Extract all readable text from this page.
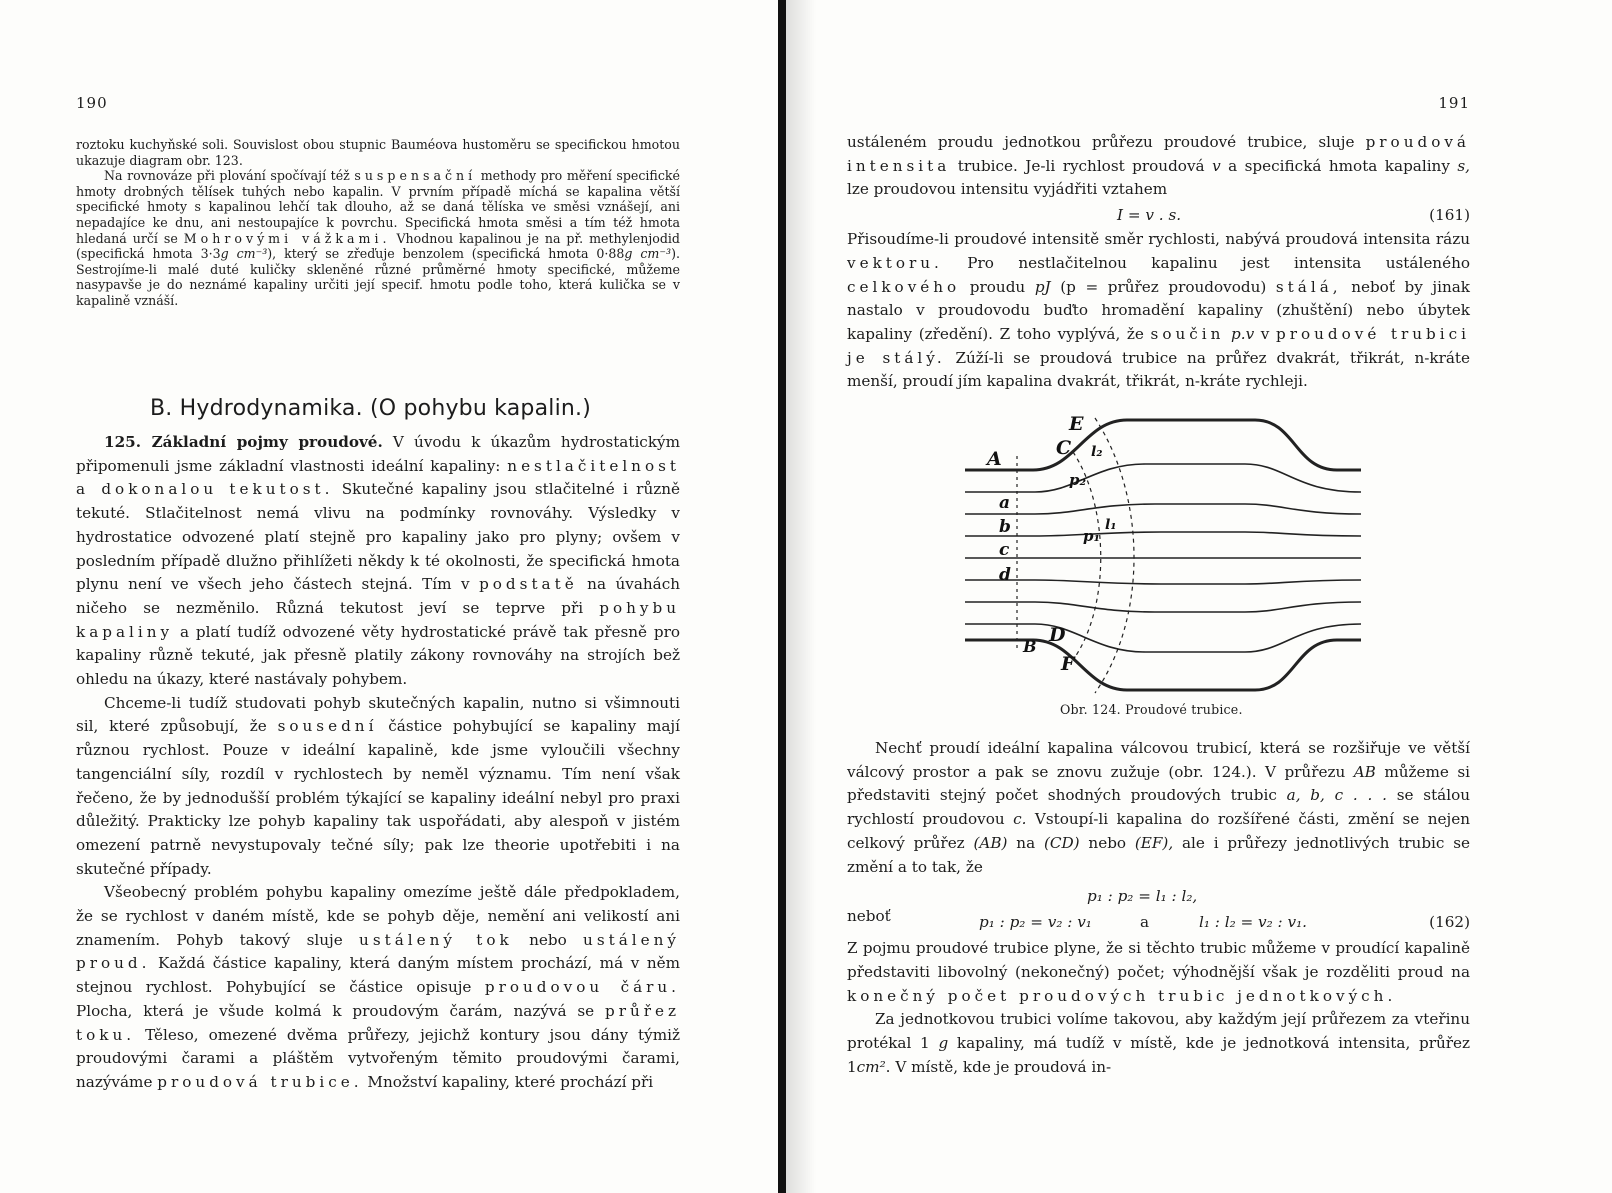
190

roztoku kuchyňské soli. Souvislost obou stupnic Bauméova hustoměru se specifickou hmotou ukazuje diagram obr. 123.

Na rovnováze při plování spočívají též suspensační methody pro měření specifické hmoty drobných tělísek tuhých nebo kapalin. V prvním případě míchá se kapalina větší specifické hmoty s kapalinou lehčí tak dlouho, až se daná tělíska ve směsi vznášejí, ani nepadajíce ke dnu, ani nestoupajíce k povrchu. Specifická hmota směsi a tím též hmota hledaná určí se Mohrovými vážkami. Vhodnou kapalinou je na př. methylenjodid (specifická hmota 3·3g cm⁻³), který se zřeďuje benzolem (specifická hmota 0·88g cm⁻³). Sestrojíme-li malé duté kuličky skleněné různé průměrné hmoty specifické, můžeme nasypavše je do neznámé kapaliny určiti její specif. hmotu podle toho, která kulička se v kapalině vznáší.

B. Hydrodynamika. (O pohybu kapalin.)

125. Základní pojmy proudové. V úvodu k úkazům hydrostatickým připomenuli jsme základní vlastnosti ideální kapaliny: nestlačitelnost a dokonalou tekutost. Skutečné kapaliny jsou stlačitelné i různě tekuté. Stlačitelnost nemá vlivu na podmínky rovnováhy. Výsledky v hydrostatice odvozené platí stejně pro kapaliny jako pro plyny; ovšem v posledním případě dlužno přihlížeti někdy k té okolnosti, že specifická hmota plynu není ve všech jeho částech stejná. Tím v podstatě na úvahách ničeho se nezměnilo. Různá tekutost jeví se teprve při pohybu kapaliny a platí tudíž odvozené věty hydrostatické právě tak přesně pro kapaliny různě tekuté, jak přesně platily zákony rovnováhy na strojích bež ohledu na úkazy, které nastávaly pohybem.

Chceme-li tudíž studovati pohyb skutečných kapalin, nutno si všimnouti sil, které způsobují, že sousední částice pohybující se kapaliny mají různou rychlost. Pouze v ideální kapalině, kde jsme vyloučili všechny tangenciální síly, rozdíl v rychlostech by neměl významu. Tím není však řečeno, že by jednodušší problém týkající se kapaliny ideální nebyl pro praxi důležitý. Prakticky lze pohyb kapaliny tak uspořádati, aby alespoň v jistém omezení patrně nevystupovaly tečné síly; pak lze theorie upotřebiti i na skutečné případy.

Všeobecný problém pohybu kapaliny omezíme ještě dále předpokladem, že se rychlost v daném místě, kde se pohyb děje, nemění ani velikostí ani znamením. Pohyb takový sluje ustálený tok nebo ustálený proud. Každá částice kapaliny, která daným místem prochází, má v něm stejnou rychlost. Pohybující se částice opisuje proudovou čáru. Plocha, která je všude kolmá k proudovým čarám, nazývá se průřez toku. Těleso, omezené dvěma průřezy, jejichž kontury jsou dány týmiž proudovými čarami a pláštěm vytvořeným těmito proudovými čarami, nazýváme proudová trubice. Množství kapaliny, které prochází při

191

ustáleném proudu jednotkou průřezu proudové trubice, sluje proudová intensita trubice. Je-li rychlost proudová v a specifická hmota kapaliny s, lze proudovou intensitu vyjádřiti vztahem

I = v . s.	(161)

Přisoudíme-li proudové intensitě směr rychlosti, nabývá proudová intensita rázu vektoru. Pro nestlačitelnou kapalinu jest intensita ustáleného celkového proudu pJ (p = průřez proudovodu) stálá, neboť by jinak nastalo v proudovodu buďto hromadění kapaliny (zhuštění) nebo úbytek kapaliny (zředění). Z toho vyplývá, že součin p.v v proudové trubici je stálý. Zúží-li se proudová trubice na průřez dvakrát, třikrát, n-kráte menší, proudí jím kapalina dvakrát, třikrát, n-kráte rychleji.

Nechť proudí ideální kapalina válcovou trubicí, která se rozšiřuje ve větší válcový prostor a pak se znovu zužuje (obr. 124.). V průřezu AB můžeme si představiti stejný počet shodných proudových trubic a, b, c . . . se stálou rychlostí proudovou c. Vstoupí-li kapalina do rozšířené části, změní se nejen celkový průřez (AB) na (CD) nebo (EF), ale i průřezy jednotlivých trubic se změní a to tak, že

p₁ : p₂ = l₁ : l₂,
neboť	p₁ : p₂ = v₂ : v₁	a	l₁ : l₂ = v₂ : v₁.	(162)

Z pojmu proudové trubice plyne, že si těchto trubic můžeme v proudící kapalině představiti libovolný (nekonečný) počet; výhodnější však je rozděliti proud na konečný počet proudových trubic jednotkových.

Za jednotkovou trubici volíme takovou, aby každým její průřezem za vteřinu protékal 1 g kapaliny, má tudíž v místě, kde je jednotková intensita, průřez 1cm². V místě, kde je proudová in-

E
C l₂
A
p₂
a
b	p₁
l₁
c
d
D
B
F
Obr. 124. Proudové trubice.
